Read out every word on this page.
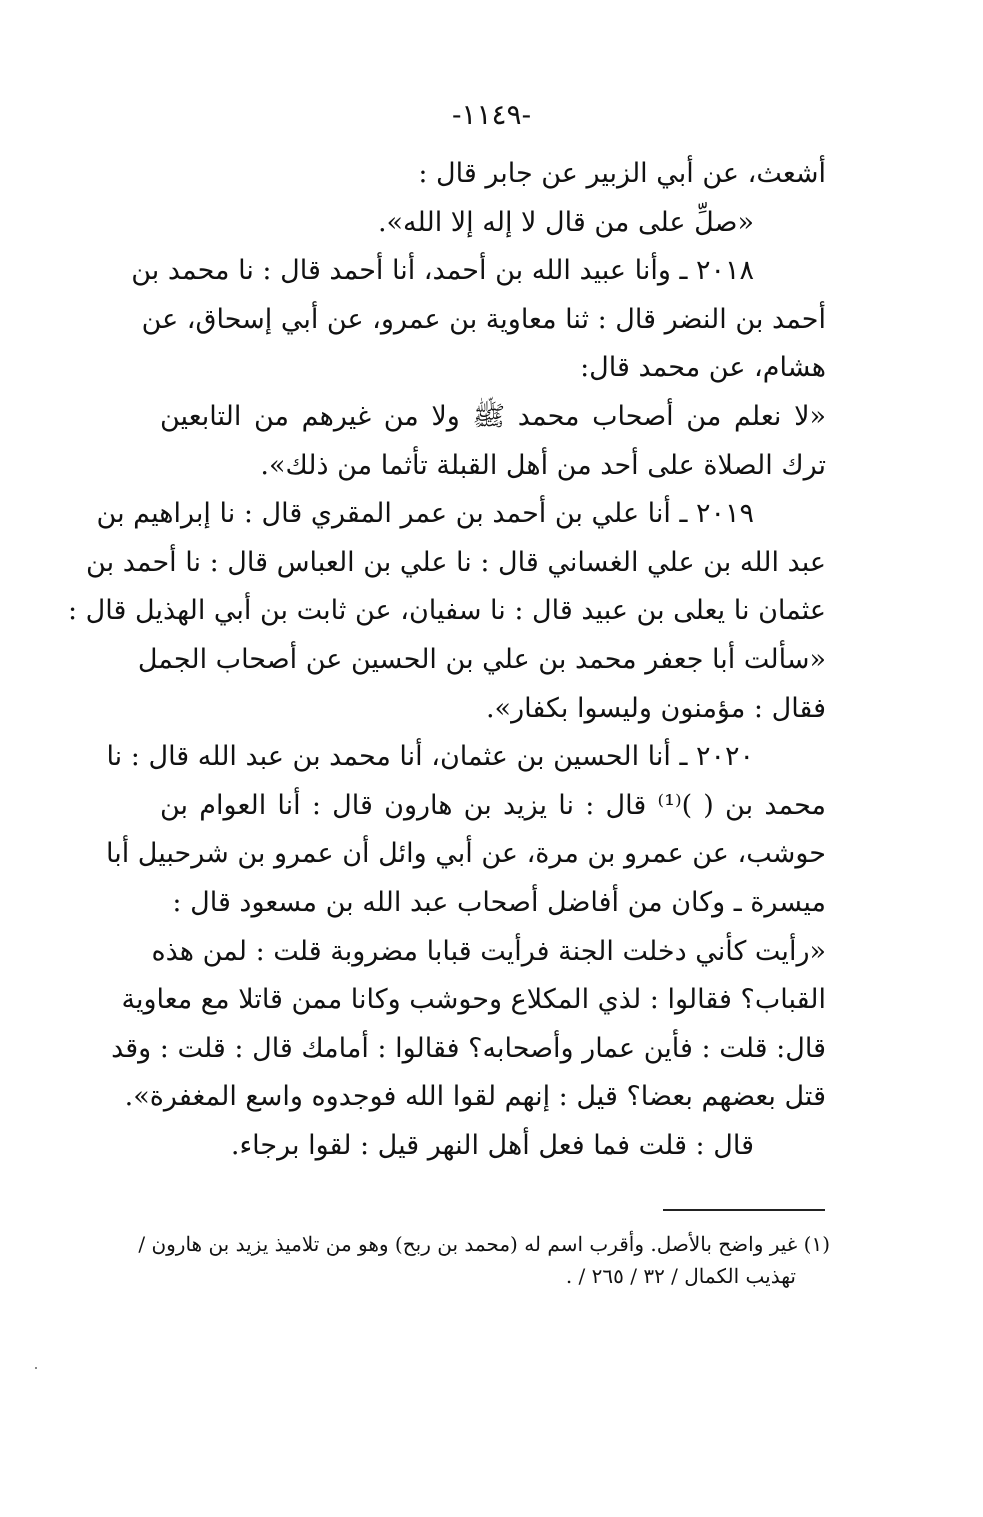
-١١٤٩-
أشعث، عن أبي الزبير عن جابر قال :
«صلِّ على من قال لا إله إلا الله».
٢٠١٨ ـ وأنا عبيد الله بن أحمد، أنا أحمد قال : نا محمد بن
أحمد بن النضر قال : ثنا معاوية بن عمرو، عن أبي إسحاق، عن
هشام، عن محمد قال:
«لا نعلم من أصحاب محمد ﷺ ولا من غيرهم من التابعين
ترك الصلاة على أحد من أهل القبلة تأثما من ذلك».
٢٠١٩ ـ أنا علي بن أحمد بن عمر المقري قال : نا إبراهيم بن
عبد الله بن علي الغساني قال : نا علي بن العباس قال : نا أحمد بن
عثمان نا يعلى بن عبيد قال : نا سفيان، عن ثابت بن أبي الهذيل قال :
«سألت أبا جعفر محمد بن علي بن الحسين عن أصحاب الجمل
فقال : مؤمنون وليسوا بكفار».
٢٠٢٠ ـ أنا الحسين بن عثمان، أنا محمد بن عبد الله قال : نا
محمد بن ( )⁽¹⁾ قال : نا يزيد بن هارون قال : أنا العوام بن
حوشب، عن عمرو بن مرة، عن أبي وائل أن عمرو بن شرحبيل أبا
ميسرة ـ وكان من أفاضل أصحاب عبد الله بن مسعود قال :
«رأيت كأني دخلت الجنة فرأيت قبابا مضروبة قلت : لمن هذه
القباب؟ فقالوا : لذي المكلاع وحوشب وكانا ممن قاتلا مع معاوية
قال: قلت : فأين عمار وأصحابه؟ فقالوا : أمامك قال : قلت : وقد
قتل بعضهم بعضا؟ قيل : إنهم لقوا الله فوجدوه واسع المغفرة».
قال : قلت فما فعل أهل النهر قيل : لقوا برجاء.
(١) غير واضح بالأصل. وأقرب اسم له (محمد بن ربح) وهو من تلاميذ يزيد بن هارون /
تهذيب الكمال / ٣٢ / ٢٦٥ / .
